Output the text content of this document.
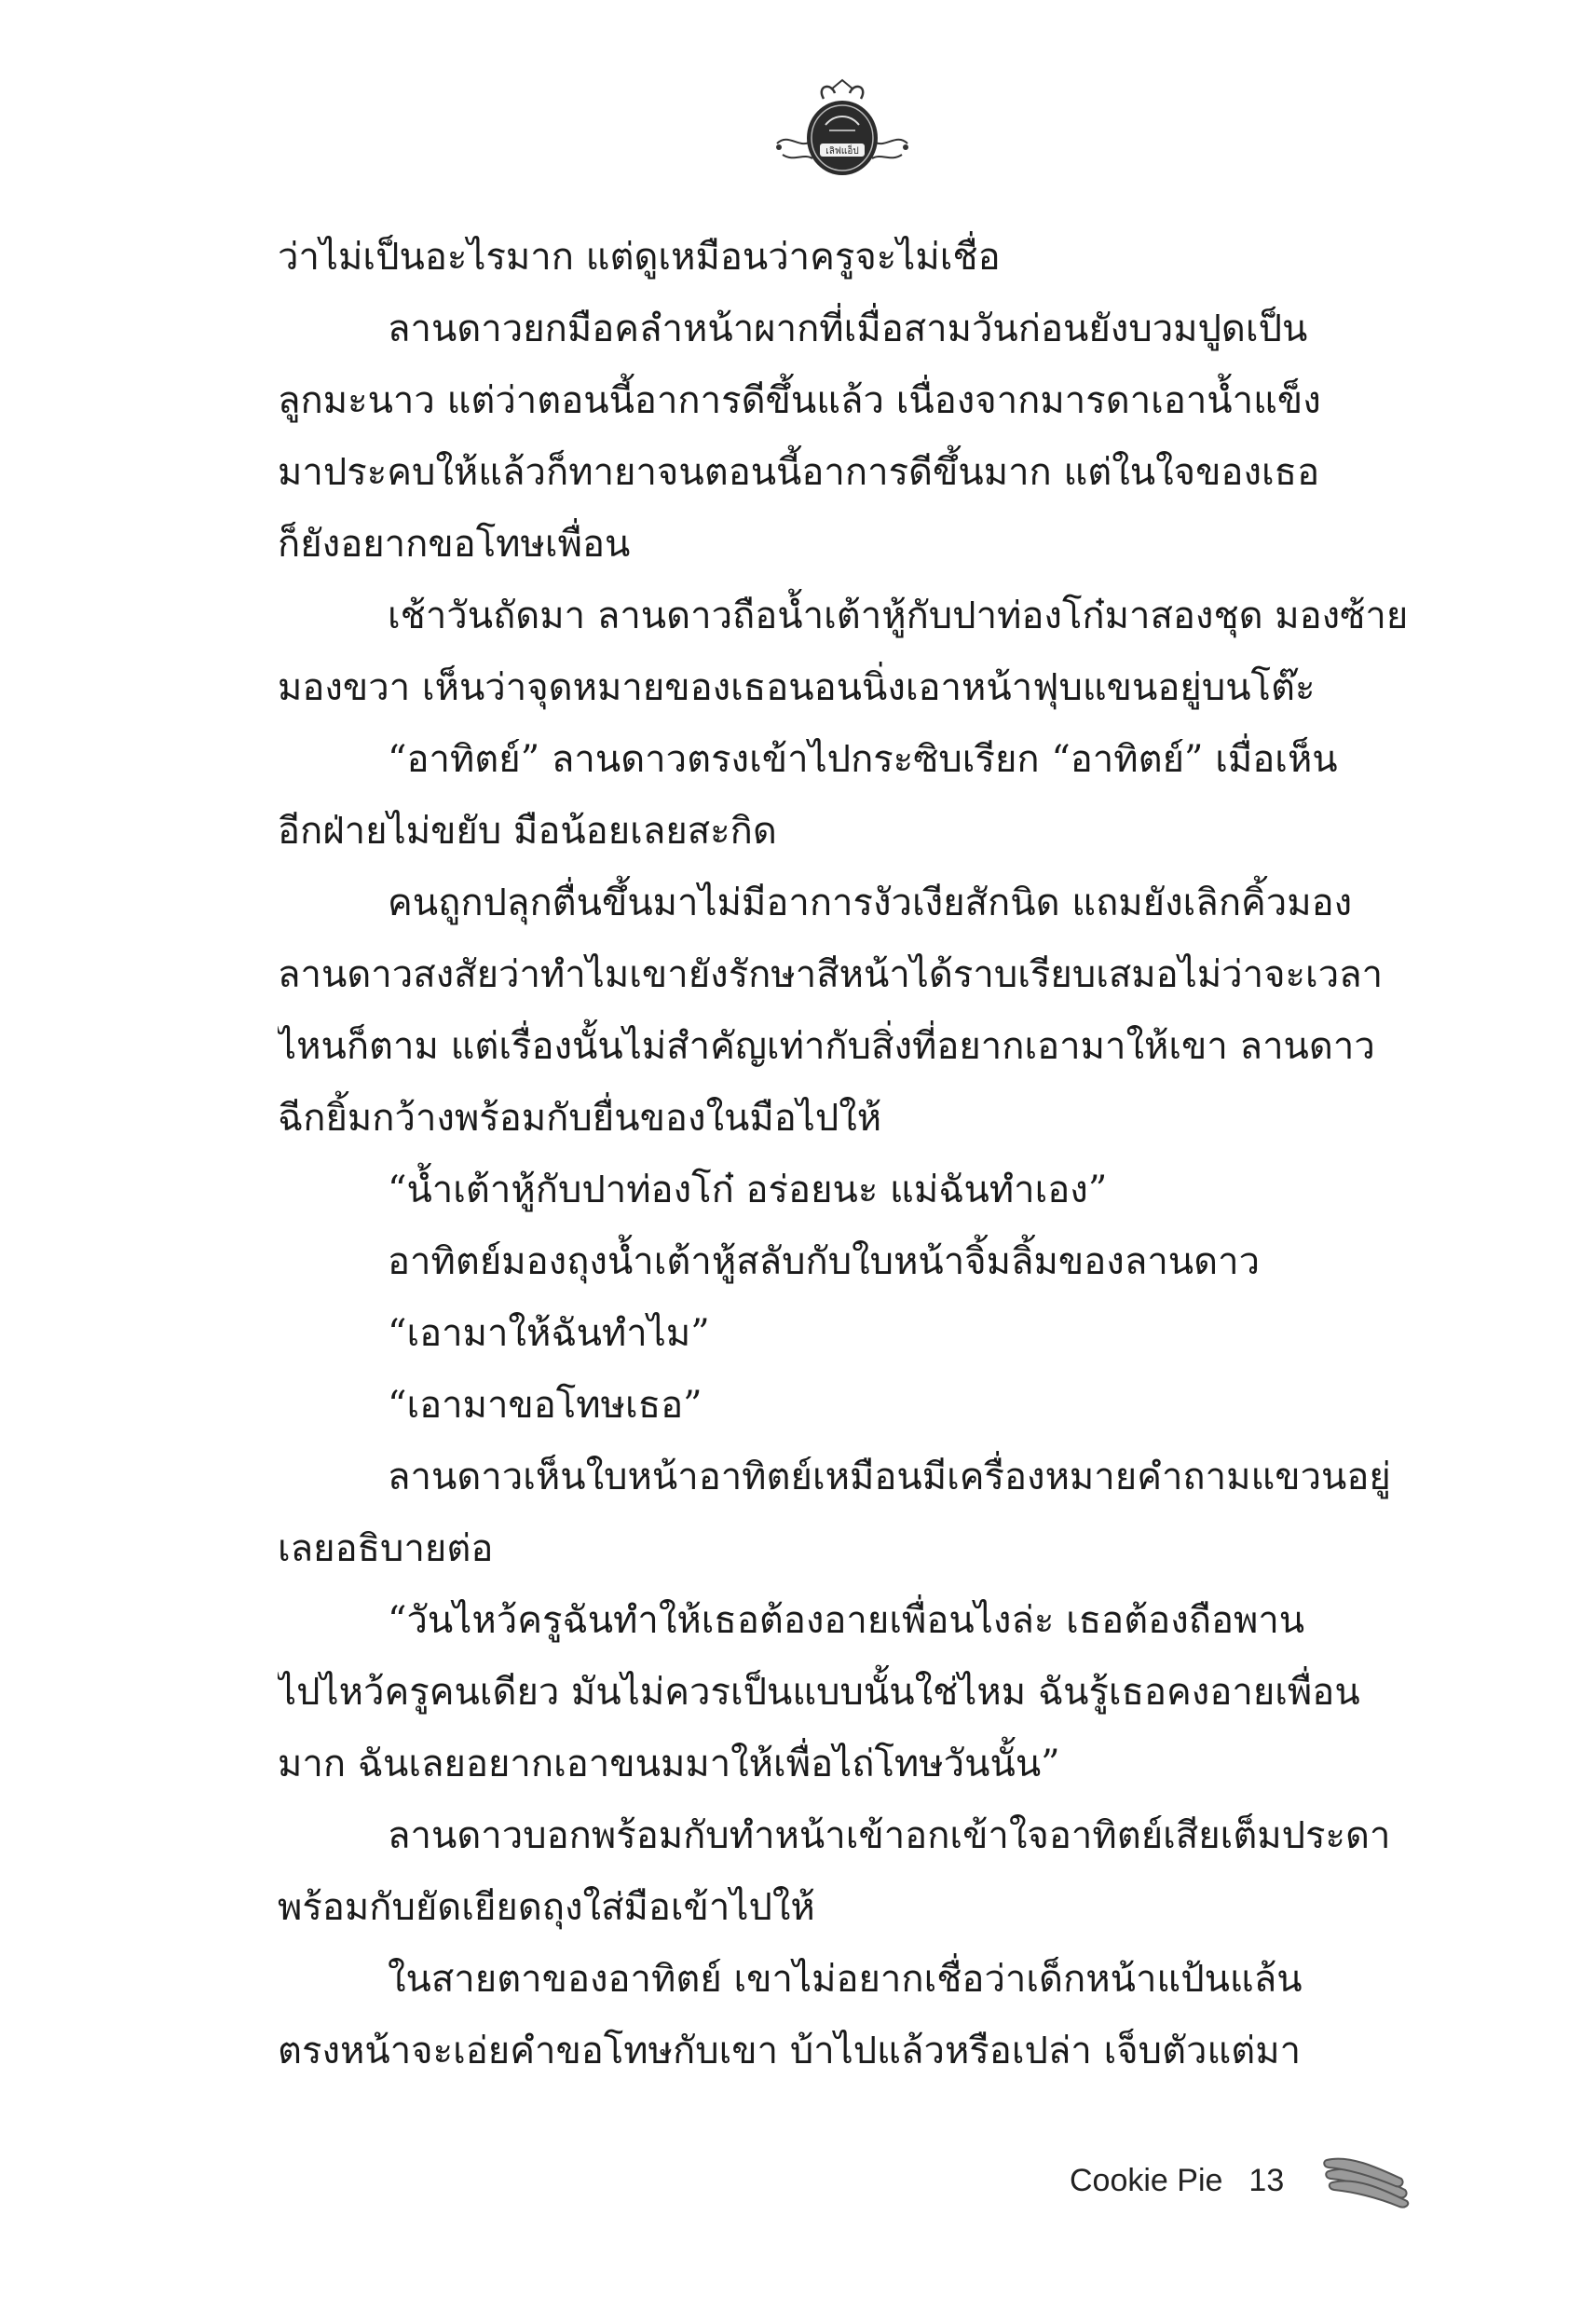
เลิฟแอ็ป
ว่าไม่เป็นอะไรมาก แต่ดูเหมือนว่าครูจะไม่เชื่อ
ลานดาวยกมือคลำหน้าผากที่เมื่อสามวันก่อนยังบวมปูดเป็น
ลูกมะนาว แต่ว่าตอนนี้อาการดีขึ้นแล้ว เนื่องจากมารดาเอาน้ำแข็ง
มาประคบให้แล้วก็ทายาจนตอนนี้อาการดีขึ้นมาก แต่ในใจของเธอ
ก็ยังอยากขอโทษเพื่อน
เช้าวันถัดมา ลานดาวถือน้ำเต้าหู้กับปาท่องโก๋มาสองชุด มองซ้าย
มองขวา เห็นว่าจุดหมายของเธอนอนนิ่งเอาหน้าฟุบแขนอยู่บนโต๊ะ
“อาทิตย์” ลานดาวตรงเข้าไปกระซิบเรียก “อาทิตย์” เมื่อเห็น
อีกฝ่ายไม่ขยับ มือน้อยเลยสะกิด
คนถูกปลุกตื่นขึ้นมาไม่มีอาการงัวเงียสักนิด แถมยังเลิกคิ้วมอง
ลานดาวสงสัยว่าทำไมเขายังรักษาสีหน้าได้ราบเรียบเสมอไม่ว่าจะเวลา
ไหนก็ตาม แต่เรื่องนั้นไม่สำคัญเท่ากับสิ่งที่อยากเอามาให้เขา ลานดาว
ฉีกยิ้มกว้างพร้อมกับยื่นของในมือไปให้
“น้ำเต้าหู้กับปาท่องโก๋ อร่อยนะ แม่ฉันทำเอง”
อาทิตย์มองถุงน้ำเต้าหู้สลับกับใบหน้าจิ้มลิ้มของลานดาว
“เอามาให้ฉันทำไม”
“เอามาขอโทษเธอ”
ลานดาวเห็นใบหน้าอาทิตย์เหมือนมีเครื่องหมายคำถามแขวนอยู่
เลยอธิบายต่อ
“วันไหว้ครูฉันทำให้เธอต้องอายเพื่อนไงล่ะ เธอต้องถือพาน
ไปไหว้ครูคนเดียว มันไม่ควรเป็นแบบนั้นใช่ไหม ฉันรู้เธอคงอายเพื่อน
มาก ฉันเลยอยากเอาขนมมาให้เพื่อไถ่โทษวันนั้น”
ลานดาวบอกพร้อมกับทำหน้าเข้าอกเข้าใจอาทิตย์เสียเต็มประดา
พร้อมกับยัดเยียดถุงใส่มือเข้าไปให้
ในสายตาของอาทิตย์ เขาไม่อยากเชื่อว่าเด็กหน้าแป้นแล้น
ตรงหน้าจะเอ่ยคำขอโทษกับเขา บ้าไปแล้วหรือเปล่า เจ็บตัวแต่มา
Cookie Pie 13
